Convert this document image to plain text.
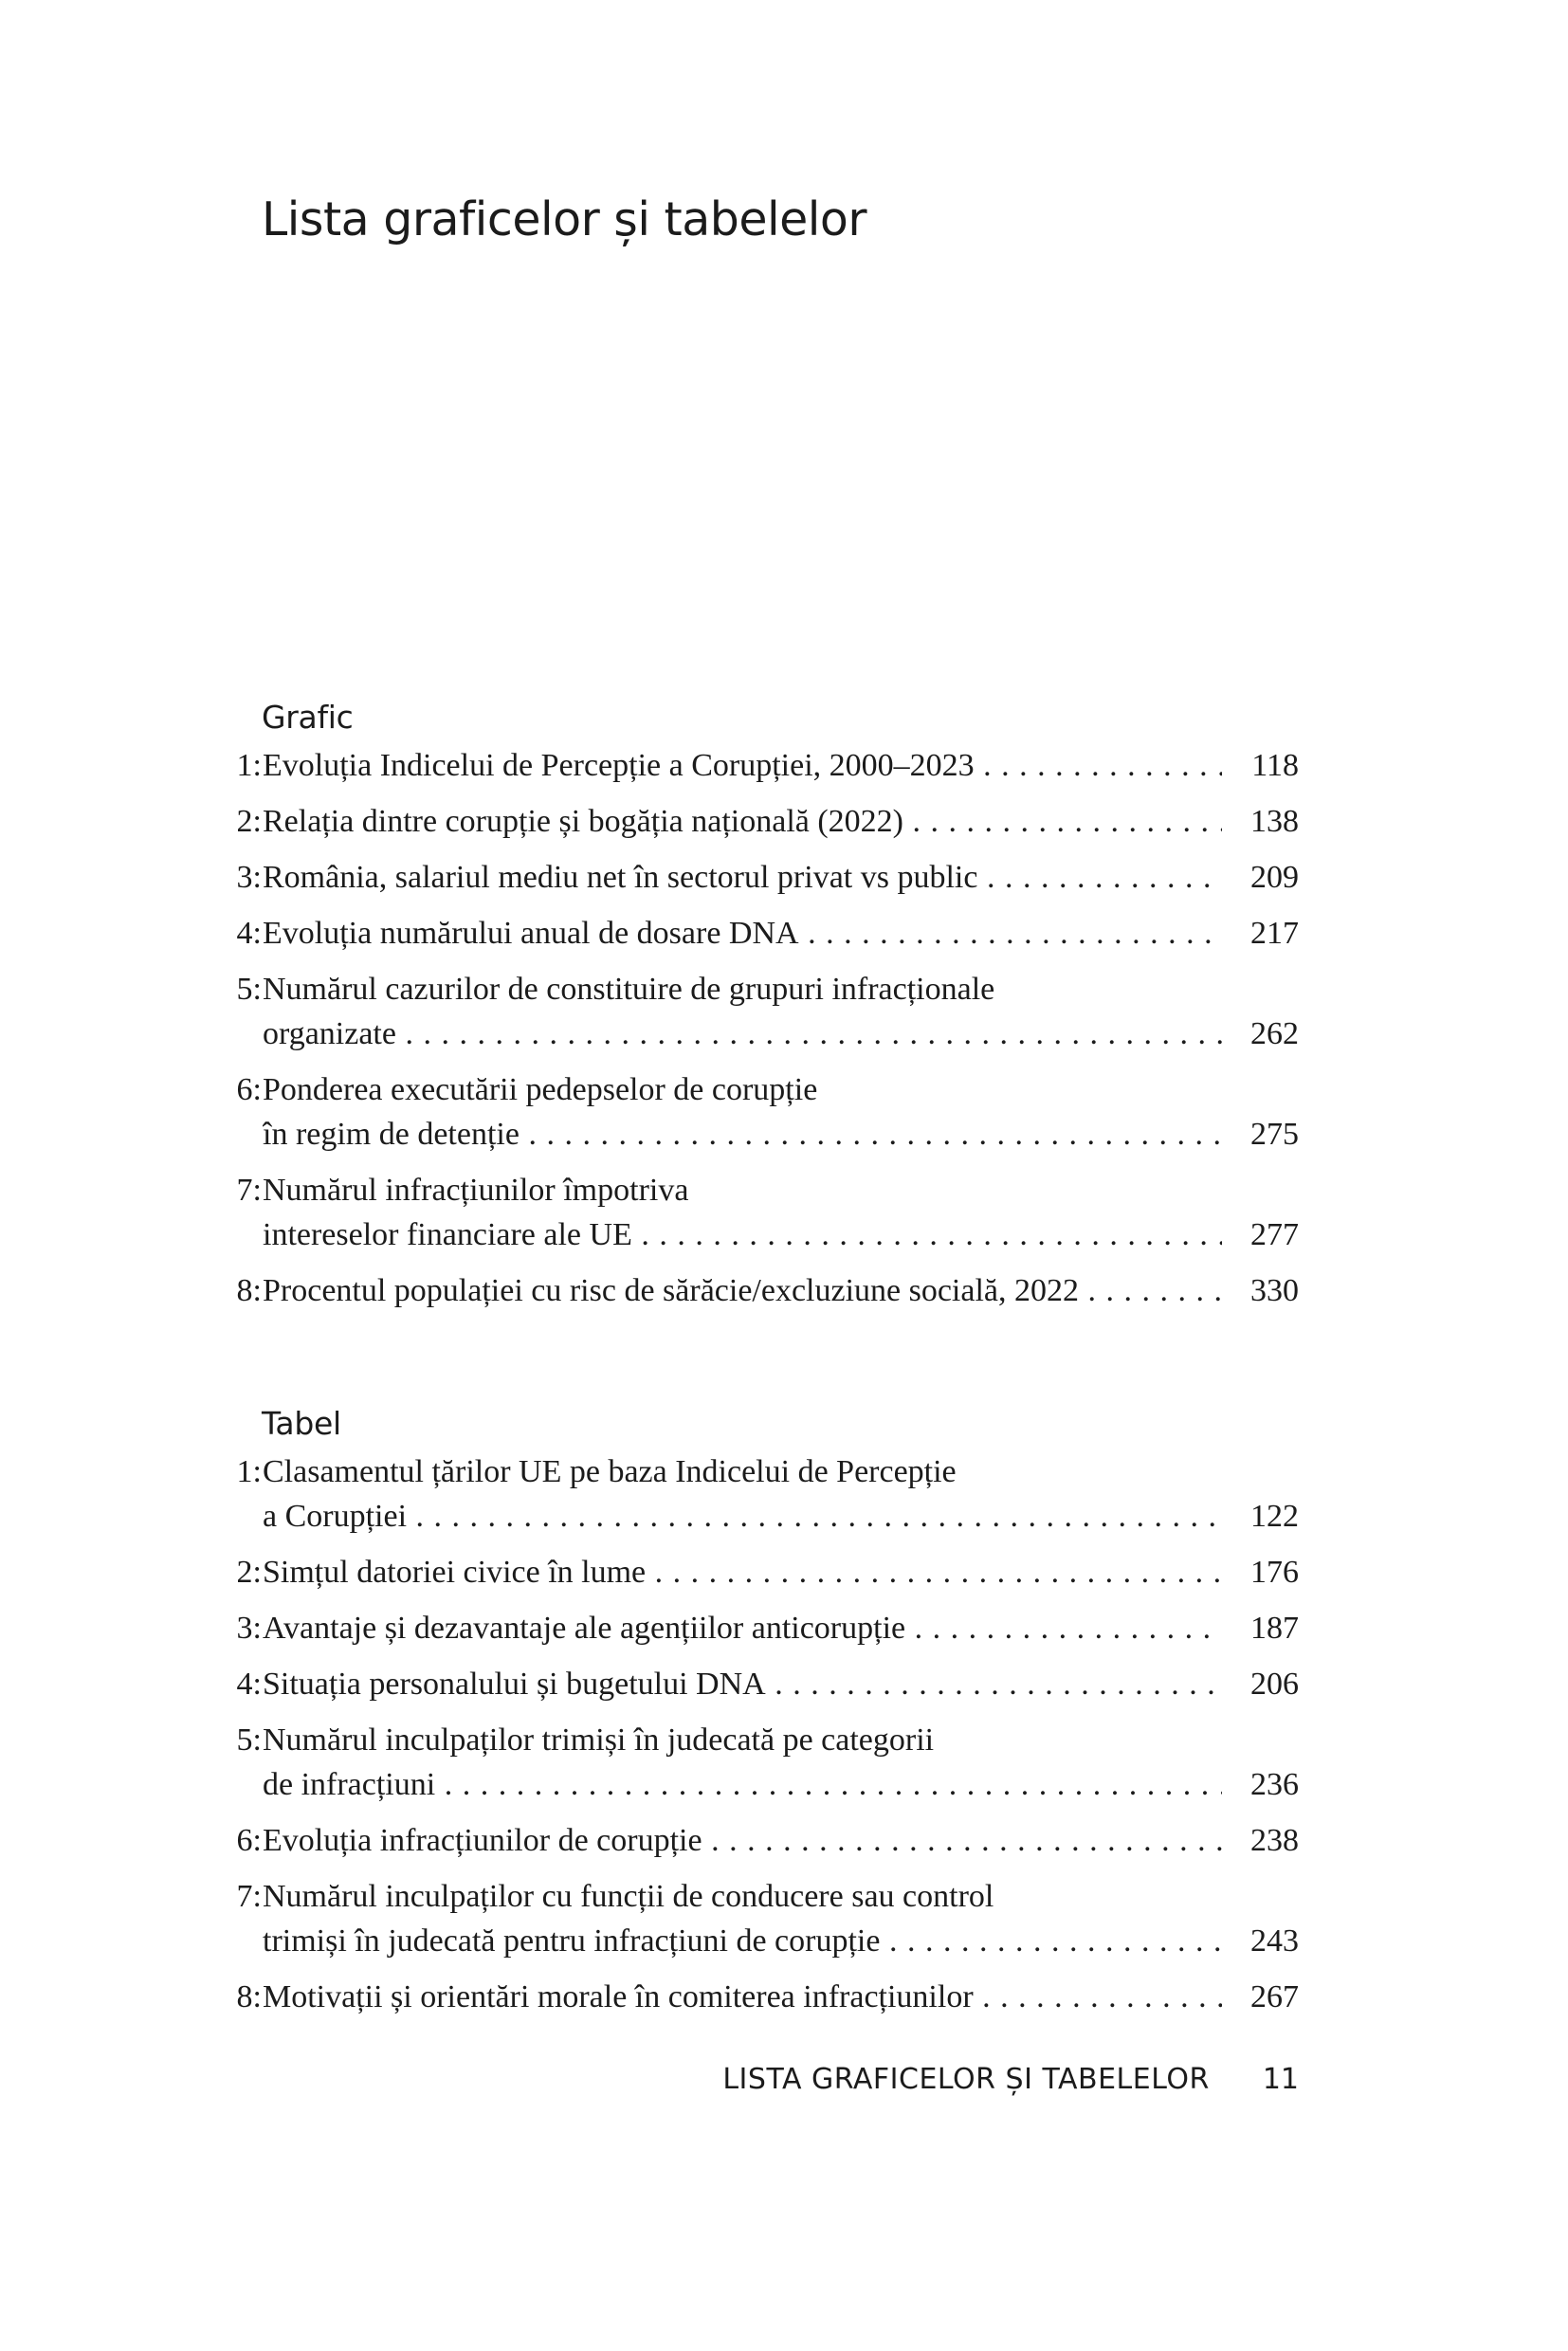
Lista graficelor și tabelelor
Grafic
1: Evoluția Indicelui de Percepție a Corupției, 2000–2023 . . .	118
2: Relația dintre corupție și bogăția națională (2022) . . .	138
3: România, salariul mediu net în sectorul privat vs public . . .	209
4: Evoluția numărului anual de dosare DNA . . .	217
5: Numărul cazurilor de constituire de grupuri infracționale
organizate . . .	262
6: Ponderea executării pedepselor de corupție
în regim de detenție . . .	275
7: Numărul infracțiunilor împotriva
intereselor financiare ale UE . . .	277
8: Procentul populației cu risc de sărăcie/excluziune socială, 2022 . . .	330
Tabel
1: Clasamentul țărilor UE pe baza Indicelui de Percepție
a Corupției . . .	122
2: Simțul datoriei civice în lume . . .	176
3: Avantaje și dezavantaje ale agențiilor anticorupție . . .	187
4: Situația personalului și bugetului DNA . . .	206
5: Numărul inculpaților trimiși în judecată pe categorii
de infracțiuni . . .	236
6: Evoluția infracțiunilor de corupție . . .	238
7: Numărul inculpaților cu funcții de conducere sau control
trimiși în judecată pentru infracțiuni de corupție . . .	243
8: Motivații și orientări morale în comiterea infracțiunilor . . .	267
LISTA GRAFICELOR ȘI TABELELOR 11
